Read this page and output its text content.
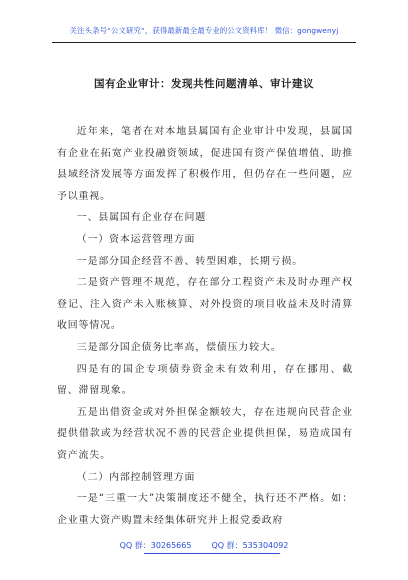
关注头条号“公文研究”，获得最新最全最专业的公文资料库！ 微信：gongwenyj
国有企业审计：发现共性问题清单、审计建议

近年来，笔者在对本地县属国有企业审计中发现，县属国有企业在拓宽产业投融资领域，促进国有资产保值增值、助推县域经济发展等方面发挥了积极作用，但仍存在一些问题，应予以重视。

一、县属国有企业存在问题

（一）资本运营管理方面

一是部分国企经营不善、转型困难，长期亏损。

二是资产管理不规范，存在部分工程资产未及时办理产权登记、注入资产未入账核算、对外投资的项目收益未及时清算收回等情况。

三是部分国企债务比率高，偿债压力较大。

四是有的国企专项债券资金未有效利用，存在挪用、截留、滞留现象。

五是出借资金或对外担保金额较大，存在违规向民营企业提供借款或为经营状况不善的民营企业提供担保，易造成国有资产流失。

（二）内部控制管理方面

一是“三重一大”决策制度还不健全，执行还不严格。如：企业重大资产购置未经集体研究并上报党委政府

QQ 群：30265665	QQ 群：535304092
